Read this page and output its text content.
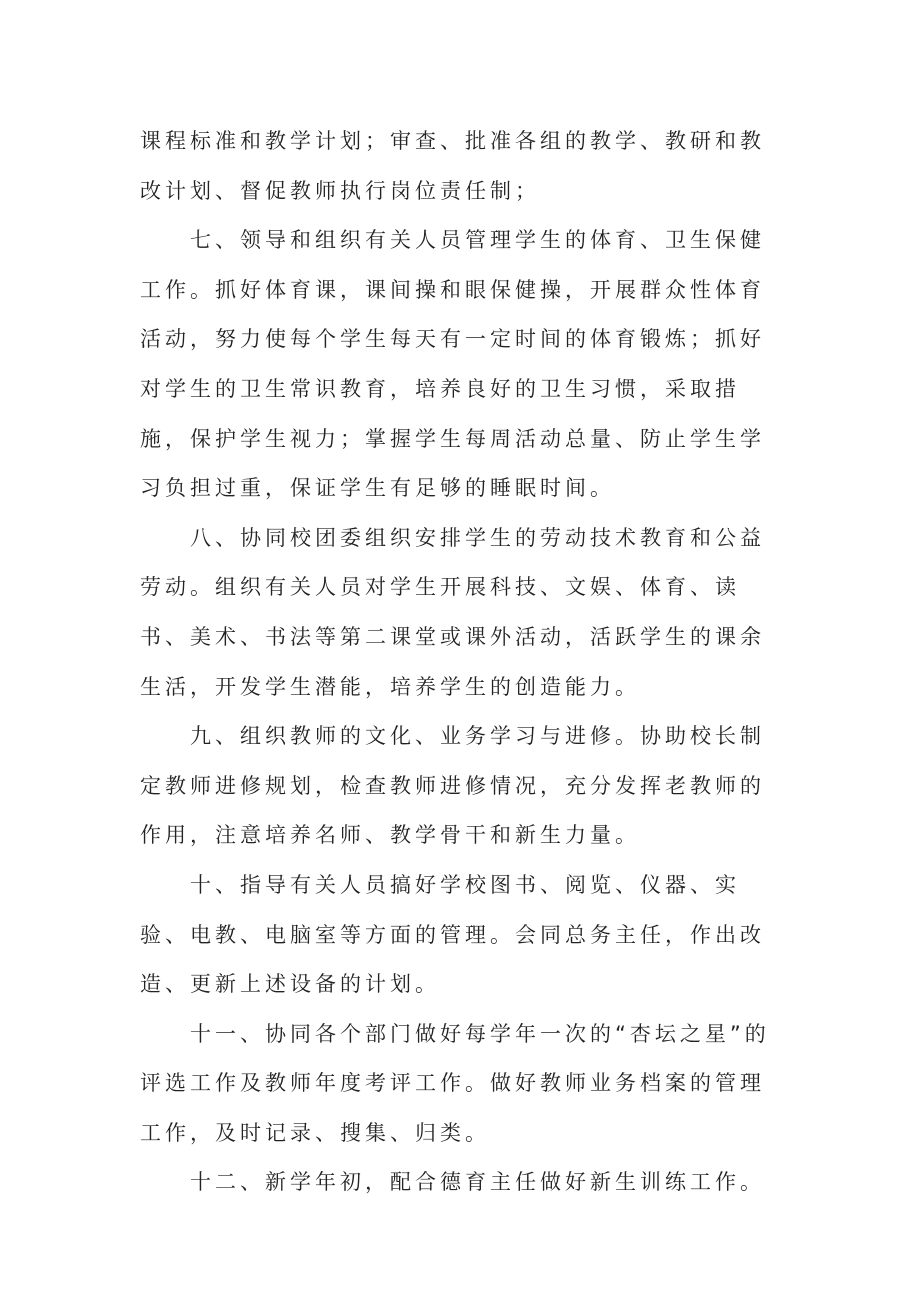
课程标准和教学计划；审查、批准各组的教学、教研和教改计划、督促教师执行岗位责任制；

七、领导和组织有关人员管理学生的体育、卫生保健工作。抓好体育课，课间操和眼保健操，开展群众性体育活动，努力使每个学生每天有一定时间的体育锻炼；抓好对学生的卫生常识教育，培养良好的卫生习惯，采取措施，保护学生视力；掌握学生每周活动总量、防止学生学习负担过重，保证学生有足够的睡眠时间。

八、协同校团委组织安排学生的劳动技术教育和公益劳动。组织有关人员对学生开展科技、文娱、体育、读书、美术、书法等第二课堂或课外活动，活跃学生的课余生活，开发学生潜能，培养学生的创造能力。

九、组织教师的文化、业务学习与进修。协助校长制定教师进修规划，检查教师进修情况，充分发挥老教师的作用，注意培养名师、教学骨干和新生力量。

十、指导有关人员搞好学校图书、阅览、仪器、实验、电教、电脑室等方面的管理。会同总务主任，作出改造、更新上述设备的计划。

十一、协同各个部门做好每学年一次的“杏坛之星”的评选工作及教师年度考评工作。做好教师业务档案的管理工作，及时记录、搜集、归类。

十二、新学年初，配合德育主任做好新生训练工作。
